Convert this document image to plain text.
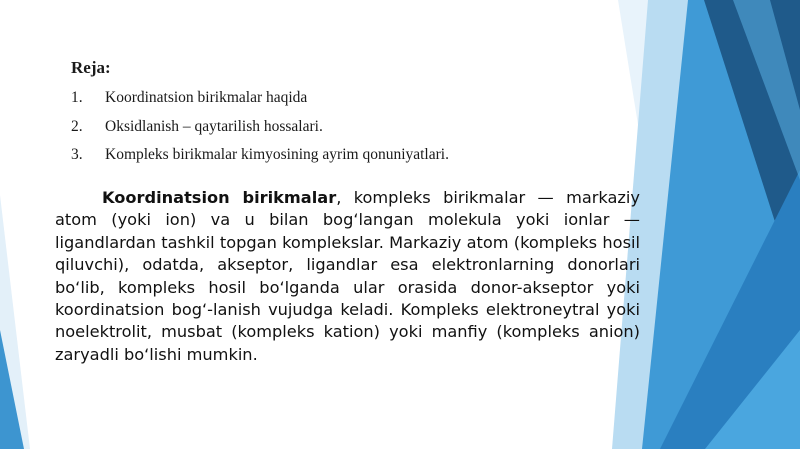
Reja:
1. Koordinatsion birikmalar haqida
2. Oksidlanish – qaytarilish hossalari.
3. Kompleks birikmalar kimyosining ayrim qonuniyatlari.

Koordinatsion birikmalar, kompleks birikmalar — markaziy atom (yoki ion) va u bilan bog‘langan molekula yoki ionlar — ligandlardan tashkil topgan komplekslar. Markaziy atom (kompleks hosil qiluvchi), odatda, akseptor, ligandlar esa elektronlarning donorlari bo‘lib, kompleks hosil bo‘lganda ular orasida donor-akseptor yoki koordinatsion bog‘-lanish vujudga keladi. Kompleks elektroneytral yoki noelektrolit, musbat (kompleks kation) yoki manfiy (kompleks anion) zaryadli bo‘lishi mumkin.
